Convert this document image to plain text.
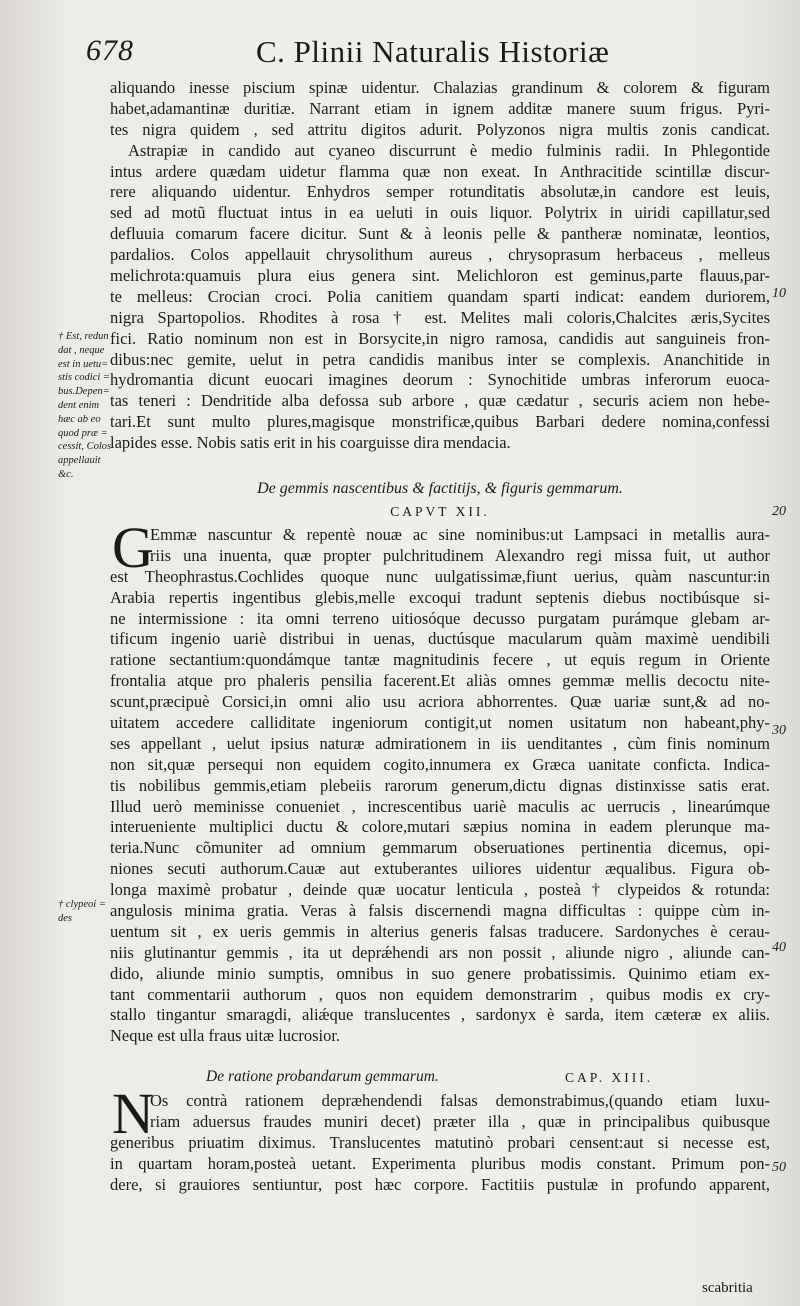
678	C. Plinii Naturalis Historiæ
aliquando inesse piscium spinæ uidentur. Chalazias grandinum & colorem & figuram
habet,adamantinæ duritiæ. Narrant etiam in ignem additæ manere suum frigus. Pyri-
tes nigra quidem , sed attritu digitos adurit. Polyzonos nigra multis zonis candicat.
Astrapiæ in candido aut cyaneo discurrunt è medio fulminis radii. In Phlegontide
intus ardere quædam uidetur flamma quæ non exeat. In Anthracitide scintillæ discur-
rere aliquando uidentur. Enhydros semper rotunditatis absolutæ,in candore est leuis,
sed ad motũ fluctuat intus in ea ueluti in ouis liquor. Polytrix in uiridi capillatur,sed
defluuia comarum facere dicitur. Sunt & à leonis pelle & pantheræ nominatæ, leontios,
pardalios. Colos appellauit chrysolithum aureus , chrysoprasum herbaceus , melleus
melichrota:quamuis plura eius genera sint. Melichloron est geminus,parte flauus,par-
te melleus: Crocian croci. Polia canitiem quandam sparti indicat: eandem duriorem,
nigra Spartopolios. Rhodites à rosa † est. Melites mali coloris,Chalcites æris,Sycites
fici. Ratio nominum non est in Borsycite,in nigro ramosa, candidis aut sanguineis fron-
dibus:nec gemite, uelut in petra candidis manibus inter se complexis. Ananchitide in
hydromantia dicunt euocari imagines deorum : Synochitide umbras inferorum euoca-
tas teneri : Dendritide alba defossa sub arbore , quæ cædatur , securis aciem non hebe-
tari.Et sunt multo plures,magisque monstrificæ,quibus Barbari dedere nomina,confessi
lapides esse. Nobis satis erit in his coarguisse dira mendacia.
De gemmis nascentibus & factitijs, & figuris gemmarum.
CAPVT XII.
G
Emmæ nascuntur & repentè nouæ ac sine nominibus:ut Lampsaci in metallis aura-
riis una inuenta, quæ propter pulchritudinem Alexandro regi missa fuit, ut author
est Theophrastus.Cochlides quoque nunc uulgatissimæ,fiunt uerius, quàm nascuntur:in
Arabia repertis ingentibus glebis,melle excoqui tradunt septenis diebus noctibúsque si-
ne intermissione : ita omni terreno uitiosóque decusso purgatam purámque glebam ar-
tificum ingenio uariè distribui in uenas, ductúsque macularum quàm maximè uendibili
ratione sectantium:quondámque tantæ magnitudinis fecere , ut equis regum in Oriente
frontalia atque pro phaleris pensilia facerent.Et aliàs omnes gemmæ mellis decoctu nite-
scunt,præcipuè Corsici,in omni alio usu acriora abhorrentes. Quæ uariæ sunt,& ad no-
uitatem accedere calliditate ingeniorum contigit,ut nomen usitatum non habeant,phy-
ses appellant , uelut ipsius naturæ admirationem in iis uenditantes , cùm finis nominum
non sit,quæ persequi non equidem cogito,innumera ex Græca uanitate conficta. Indica-
tis nobilibus gemmis,etiam plebeiis rarorum generum,dictu dignas distinxisse satis erat.
Illud uerò meminisse conueniet , increscentibus uariè maculis ac uerrucis , linearúmque
interueniente multiplici ductu & colore,mutari sæpius nomina in eadem plerunque ma-
teria.Nunc cõmuniter ad omnium gemmarum obseruationes pertinentia dicemus, opi-
niones secuti authorum.Cauæ aut extuberantes uiliores uidentur æqualibus. Figura ob-
longa maximè probatur , deinde quæ uocatur lenticula , posteà † clypeidos & rotunda:
angulosis minima gratia. Veras à falsis discernendi magna difficultas : quippe cùm in-
uentum sit , ex ueris gemmis in alterius generis falsas traducere. Sardonyches è cerau-
niis glutinantur gemmis , ita ut deprǽhendi ars non possit , aliunde nigro , aliunde can-
dido, aliunde minio sumptis, omnibus in suo genere probatissimis. Quinimo etiam ex-
tant commentarii authorum , quos non equidem demonstrarim , quibus modis ex cry-
stallo tingantur smaragdi, aliǽque translucentes , sardonyx è sarda, item cæteræ ex aliis.
Neque est ulla fraus uitæ lucrosior.
De ratione probandarum gemmarum.	CAP. XIII.
N
Os contrà rationem depræhendendi falsas demonstrabimus,(quando etiam luxu-
riam aduersus fraudes muniri decet) præter illa , quæ in principalibus quibusque
generibus priuatim diximus. Translucentes matutinò probari censent:aut si necesse est,
in quartam horam,posteà uetant. Experimenta pluribus modis constant. Primum pon-
dere, si grauiores sentiuntur, post hæc corpore. Factitiis pustulæ in profundo apparent,
scabritia
† Est, redun
dat , neque
est in uetu=
stis codici =
bus.Depen=
dent enim
hæc ab eo
quod præ =
cessit, Colos
appellauit
&c.
† clypeoi =
des
10
20
30
40
50
